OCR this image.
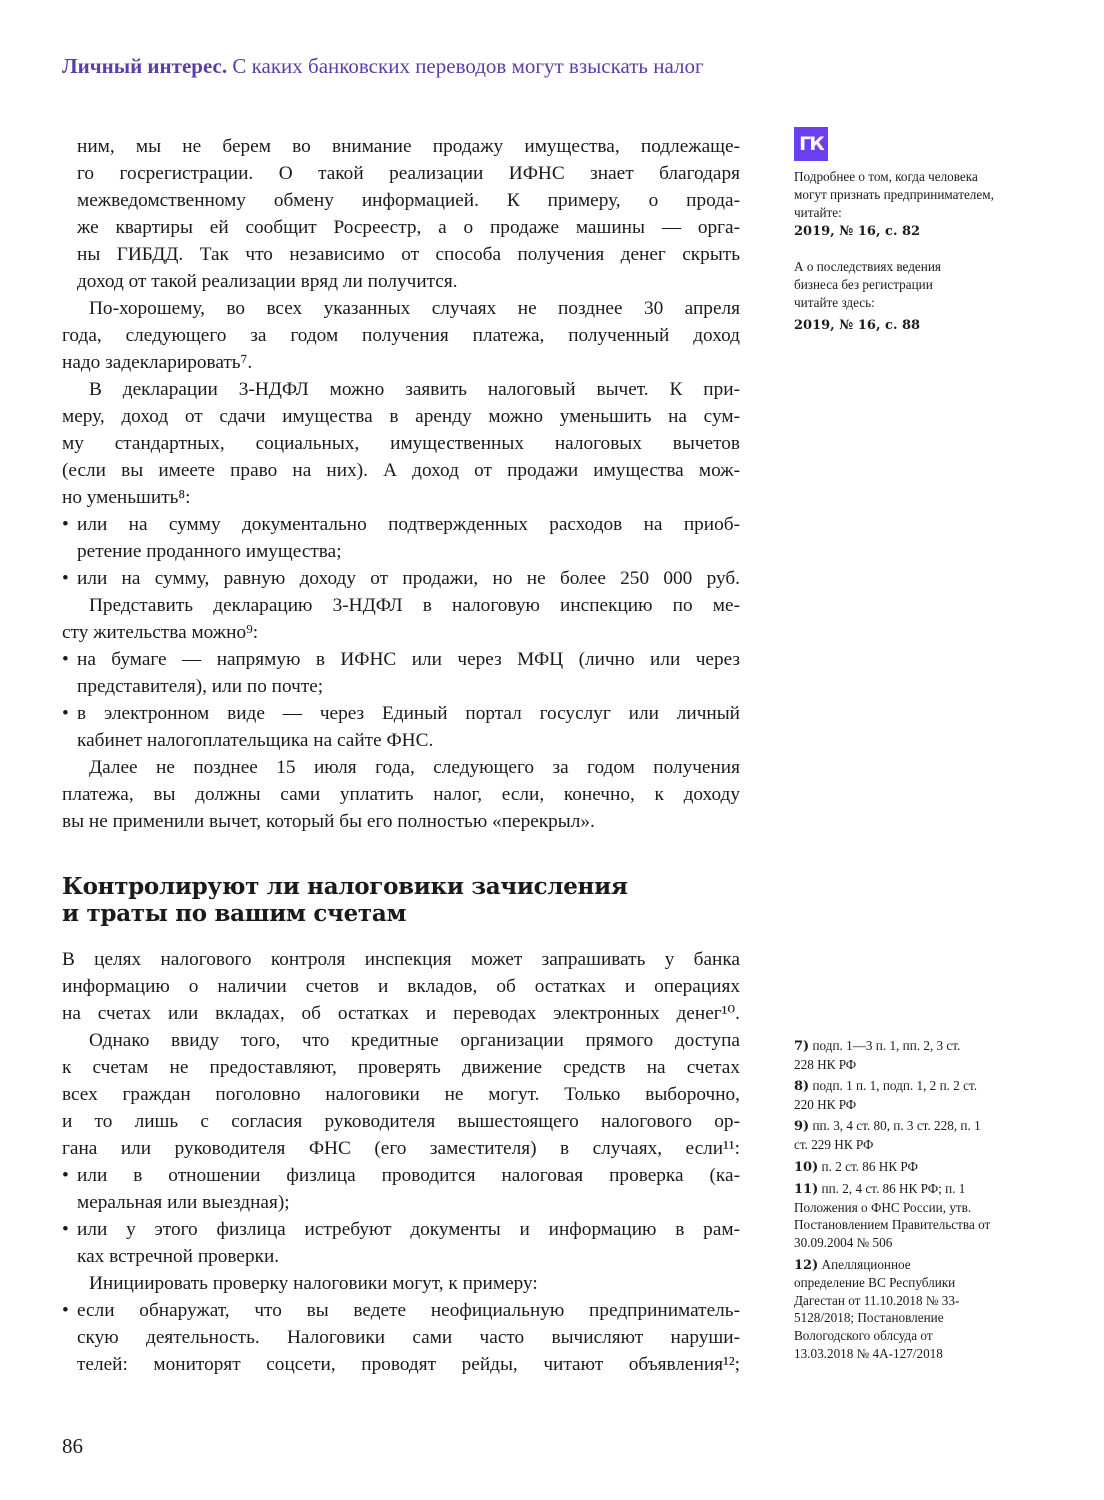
Личный интерес. С каких банковских переводов могут взыскать налог
ним, мы не берем во внимание продажу имущества, подлежаще-
го госрегистрации. О такой реализации ИФНС знает благодаря
межведомственному обмену информацией. К примеру, о прода-
же квартиры ей сообщит Росреестр, а о продаже машины — орга-
ны ГИБДД. Так что независимо от способа получения денег скрыть
доход от такой реализации вряд ли получится.
По-хорошему, во всех указанных случаях не позднее 30 апреля
года, следующего за годом получения платежа, полученный доход
надо задекларировать⁷.
В декларации 3-НДФЛ можно заявить налоговый вычет. К при-
меру, доход от сдачи имущества в аренду можно уменьшить на сум-
му стандартных, социальных, имущественных налоговых вычетов
(если вы имеете право на них). А доход от продажи имущества мож-
но уменьшить⁸:
• или на сумму документально подтвержденных расходов на приоб-
ретение проданного имущества;
• или на сумму, равную доходу от продажи, но не более 250 000 руб.
Представить декларацию 3-НДФЛ в налоговую инспекцию по ме-
сту жительства можно⁹:
• на бумаге — напрямую в ИФНС или через МФЦ (лично или через
представителя), или по почте;
• в электронном виде — через Единый портал госуслуг или личный
кабинет налогоплательщика на сайте ФНС.
Далее не позднее 15 июля года, следующего за годом получения
платежа, вы должны сами уплатить налог, если, конечно, к доходу
вы не применили вычет, который бы его полностью «перекрыл».
Контролируют ли налоговики зачисления
и траты по вашим счетам
В целях налогового контроля инспекция может запрашивать у банка
информацию о наличии счетов и вкладов, об остатках и операциях
на счетах или вкладах, об остатках и переводах электронных денег¹⁰.
Однако ввиду того, что кредитные организации прямого доступа
к счетам не предоставляют, проверять движение средств на счетах
всех граждан поголовно налоговики не могут. Только выборочно,
и то лишь с согласия руководителя вышестоящего налогового ор-
гана или руководителя ФНС (его заместителя) в случаях, если¹¹:
• или в отношении физлица проводится налоговая проверка (ка-
меральная или выездная);
• или у этого физлица истребуют документы и информацию в рам-
ках встречной проверки.
Инициировать проверку налоговики могут, к примеру:
• если обнаружат, что вы ведете неофициальную предприниматель-
скую деятельность. Налоговики сами часто вычисляют наруши-
телей: мониторят соцсети, проводят рейды, читают объявления¹²;
ГК
Подробнее о том, когда человека могут признать предпринимателем, читайте:
2019, № 16, с. 82
А о последствиях ведения бизнеса без регистрации читайте здесь:
2019, № 16, с. 88
7) подп. 1—3 п. 1, пп. 2, 3 ст. 228 НК РФ
8) подп. 1 п. 1, подп. 1, 2 п. 2 ст. 220 НК РФ
9) пп. 3, 4 ст. 80, п. 3 ст. 228, п. 1 ст. 229 НК РФ
10) п. 2 ст. 86 НК РФ
11) пп. 2, 4 ст. 86 НК РФ; п. 1 Положения о ФНС России, утв. Постановлением Правительства от 30.09.2004 № 506
12) Апелляционное определение ВС Республики Дагестан от 11.10.2018 № 33-5128/2018; Постановление Вологодского облсуда от 13.03.2018 № 4А-127/2018
86
